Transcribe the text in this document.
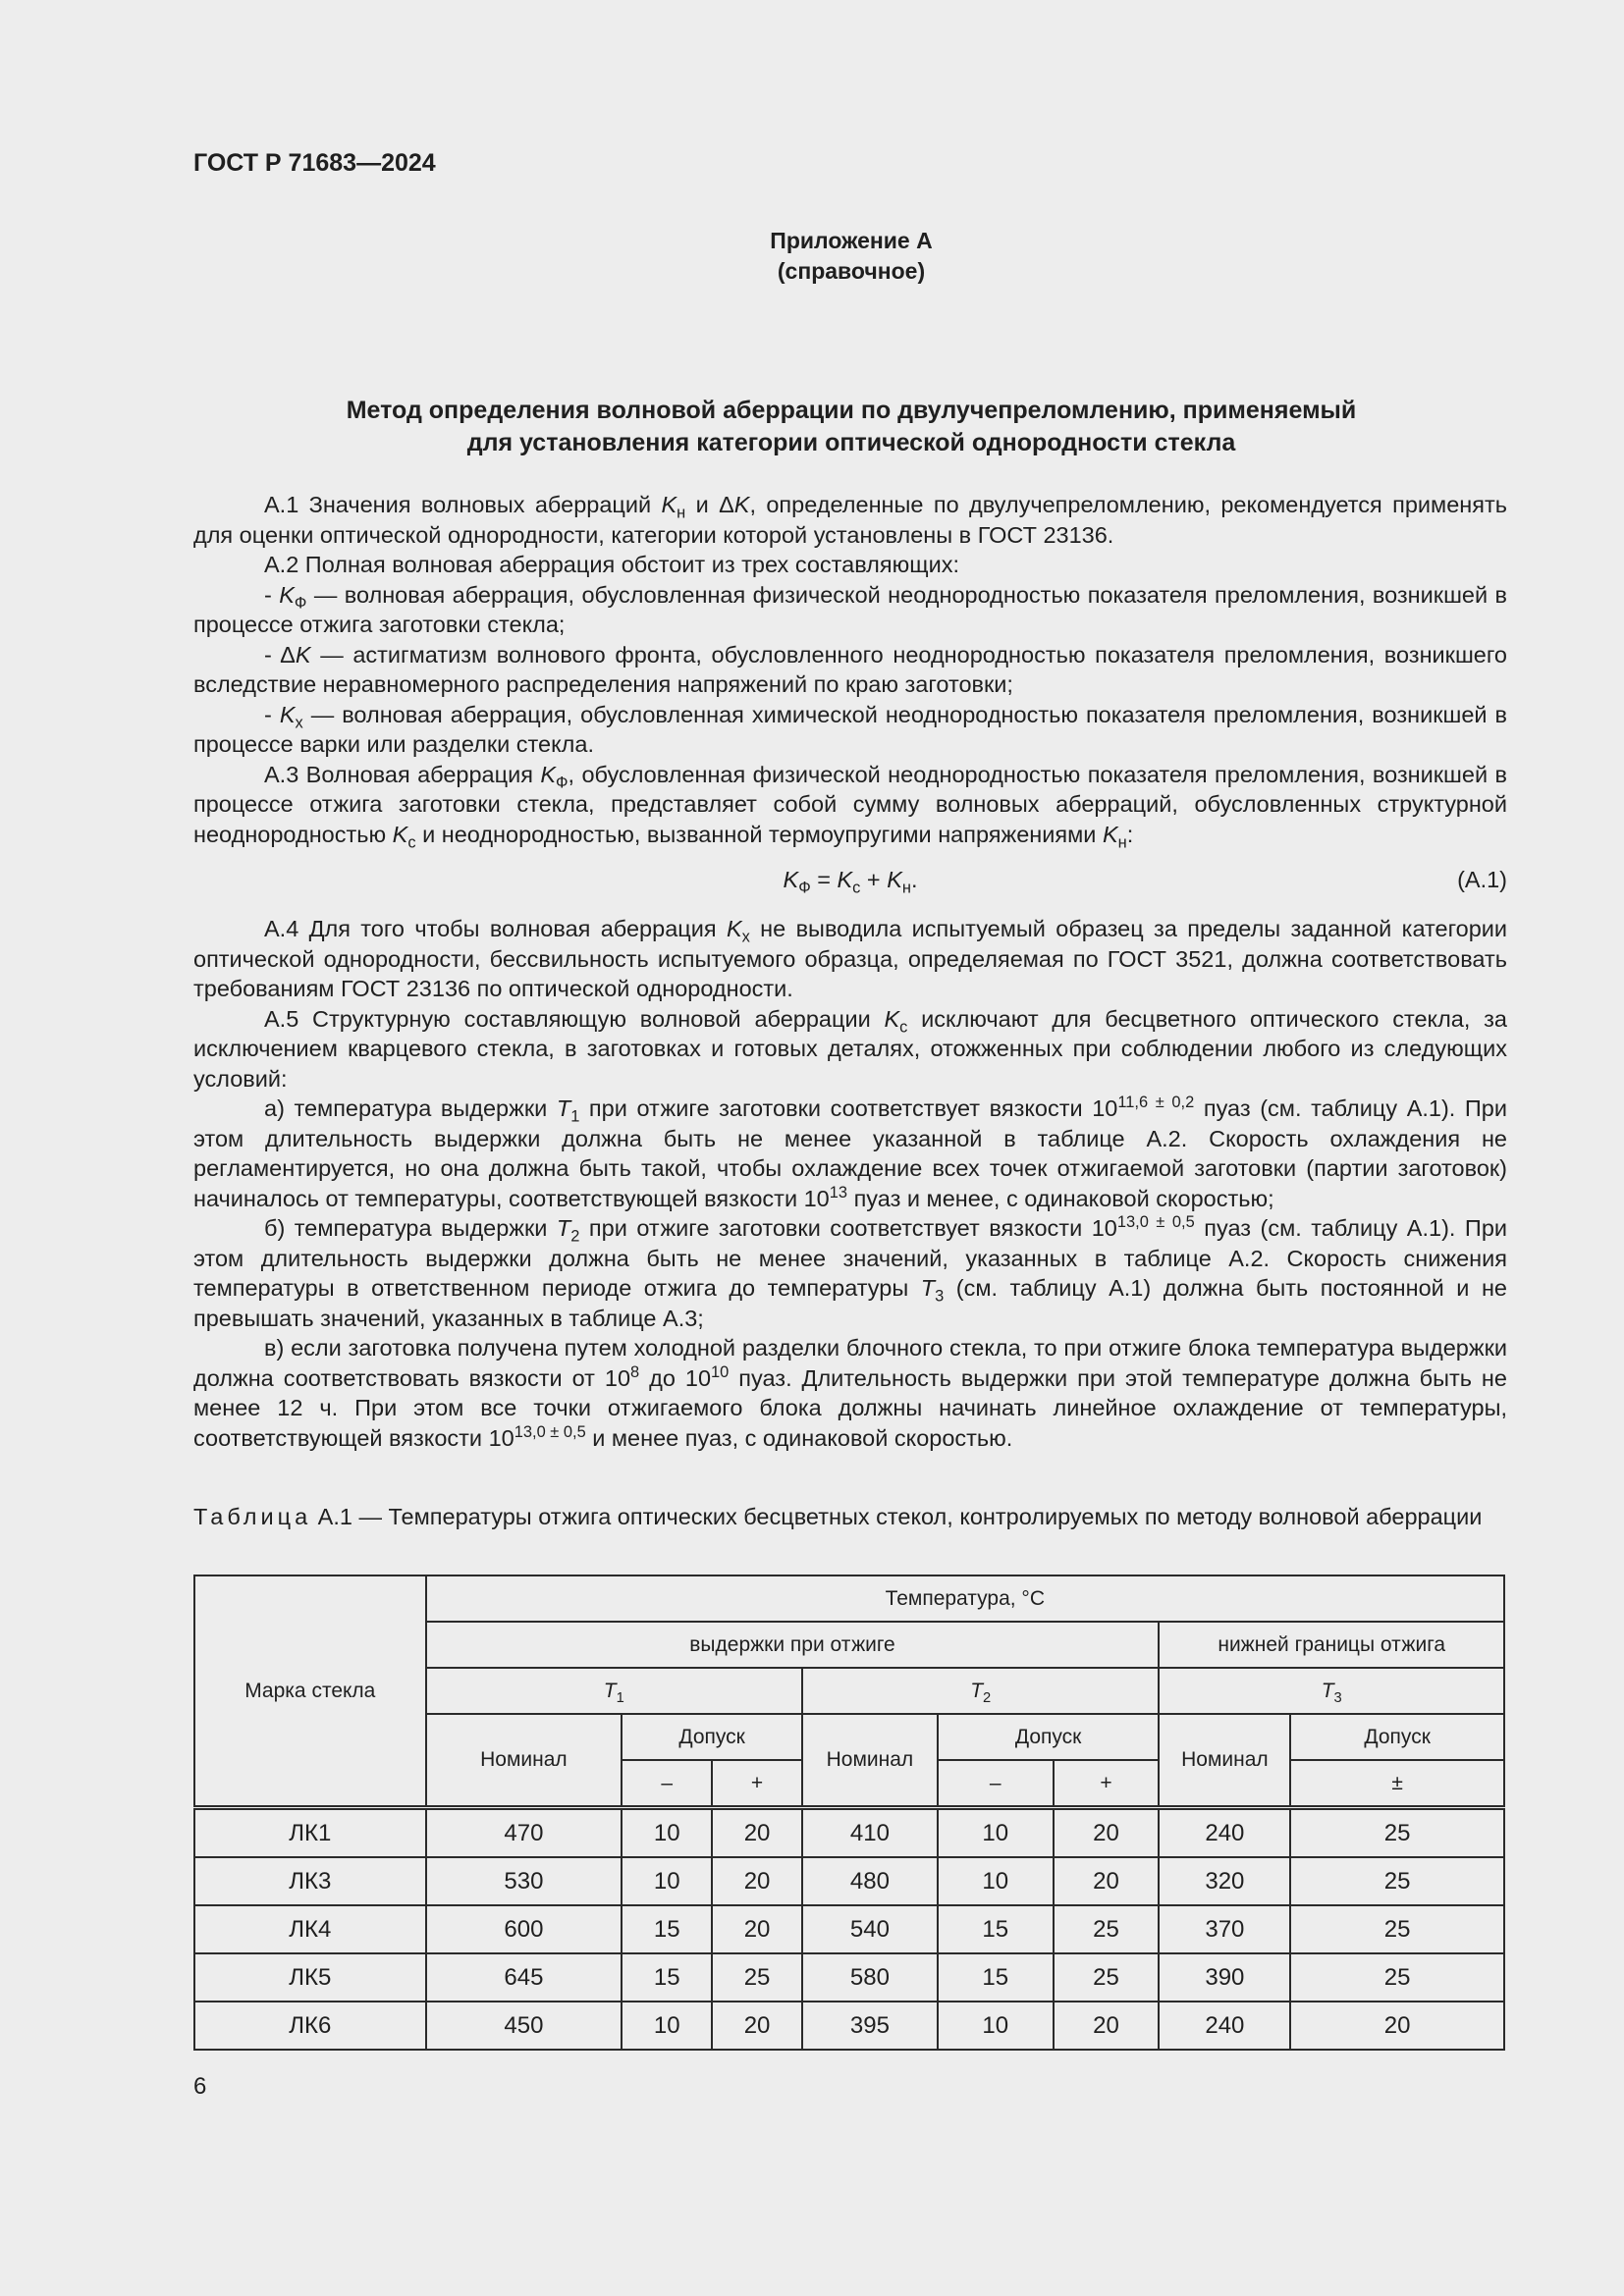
ГОСТ Р 71683—2024
Приложение А
(справочное)
Метод определения волновой аберрации по двулучепреломлению, применяемый
для установления категории оптической однородности стекла

А.1 Значения волновых аберраций $K_н$ и ΔK, определенные по двулучепреломлению, рекомендуется применять для оценки оптической однородности, категории которой установлены в ГОСТ 23136.

А.2 Полная волновая аберрация обстоит из трех составляющих:

- $K_Ф$ — волновая аберрация, обусловленная физической неоднородностью показателя преломления, возникшей в процессе отжига заготовки стекла;

- ΔK — астигматизм волнового фронта, обусловленного неоднородностью показателя преломления, возникшего вследствие неравномерного распределения напряжений по краю заготовки;

- $K_х$ — волновая аберрация, обусловленная химической неоднородностью показателя преломления, возникшей в процессе варки или разделки стекла.

А.3 Волновая аберрация $K_Ф$, обусловленная физической неоднородностью показателя преломления, возникшей в процессе отжига заготовки стекла, представляет собой сумму волновых аберраций, обусловленных структурной неоднородностью $K_с$ и неоднородностью, вызванной термоупругими напряжениями $K_н$:

$K_Ф = K_с + K_н$.	(А.1)

А.4 Для того чтобы волновая аберрация $K_х$ не выводила испытуемый образец за пределы заданной категории оптической однородности, бессвильность испытуемого образца, определяемая по ГОСТ 3521, должна соответствовать требованиям ГОСТ 23136 по оптической однородности.

А.5 Структурную составляющую волновой аберрации $K_с$ исключают для бесцветного оптического стекла, за исключением кварцевого стекла, в заготовках и готовых деталях, отожженных при соблюдении любого из следующих условий:

а) температура выдержки $T_1$ при отжиге заготовки соответствует вязкости $10^{11,6 \pm 0,2}$ пуаз (см. таблицу А.1). При этом длительность выдержки должна быть не менее указанной в таблице А.2. Скорость охлаждения не регламентируется, но она должна быть такой, чтобы охлаждение всех точек отжигаемой заготовки (партии заготовок) начиналось от температуры, соответствующей вязкости $10^{13}$ пуаз и менее, с одинаковой скоростью;

б) температура выдержки $T_2$ при отжиге заготовки соответствует вязкости $10^{13,0 \pm 0,5}$ пуаз (см. таблицу А.1). При этом длительность выдержки должна быть не менее значений, указанных в таблице А.2. Скорость снижения температуры в ответственном периоде отжига до температуры $T_3$ (см. таблицу А.1) должна быть постоянной и не превышать значений, указанных в таблице А.3;

в) если заготовка получена путем холодной разделки блочного стекла, то при отжиге блока температура выдержки должна соответствовать вязкости от $10^8$ до $10^{10}$ пуаз. Длительность выдержки при этой температуре должна быть не менее 12 ч. При этом все точки отжигаемого блока должны начинать линейное охлаждение от температуры, соответствующей вязкости $10^{13,0 \pm 0,5}$ и менее пуаз, с одинаковой скоростью.

Таблица А.1 — Температуры отжига оптических бесцветных стекол, контролируемых по методу волновой аберрации
Марка стекла	Температура, °С							
	выдержки при отжиге						нижней границы отжига	
	$T_1$			$T_2$			$T_3$
	Номинал	Допуск		Номинал	Допуск		Номинал	Допуск
		–	+		–	+		±
ЛК1	470	10	20	410	10	20	240	25
ЛК3	530	10	20	480	10	20	320	25
ЛК4	600	15	20	540	15	25	370	25
ЛК5	645	15	25	580	15	25	390	25
ЛК6	450	10	20	395	10	20	240	20
6
